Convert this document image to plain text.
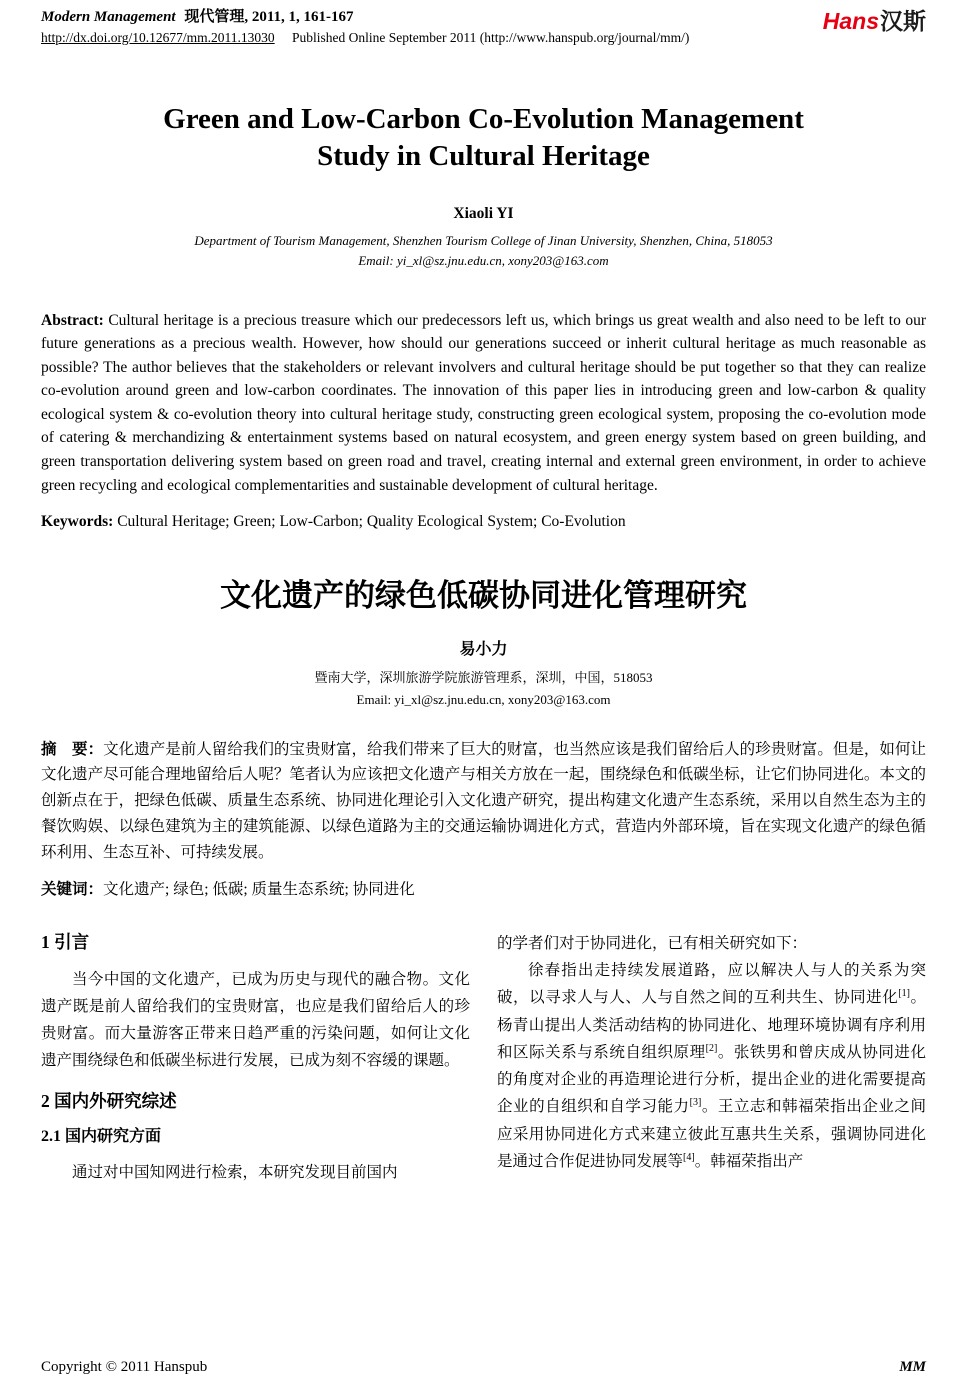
Modern Management 现代管理, 2011, 1, 161-167
http://dx.doi.org/10.12677/mm.2011.13030 Published Online September 2011 (http://www.hanspub.org/journal/mm/)
Hans汉斯
Green and Low-Carbon Co-Evolution Management
Study in Cultural Heritage
Xiaoli YI
Department of Tourism Management, Shenzhen Tourism College of Jinan University, Shenzhen, China, 518053
Email: yi_xl@sz.jnu.edu.cn, xony203@163.com

Abstract: Cultural heritage is a precious treasure which our predecessors left us, which brings us great wealth and also need to be left to our future generations as a precious wealth. However, how should our generations succeed or inherit cultural heritage as much reasonable as possible? The author believes that the stakeholders or relevant involvers and cultural heritage should be put together so that they can realize co-evolution around green and low-carbon coordinates. The innovation of this paper lies in introducing green and low-carbon & quality ecological system & co-evolution theory into cultural heritage study, constructing green ecological system, proposing the co-evolution mode of catering & merchandizing & entertainment systems based on natural ecosystem, and green energy system based on green building, and green transportation delivering system based on green road and travel, creating internal and external green environment, in order to achieve green recycling and ecological complementarities and sustainable development of cultural heritage.

Keywords: Cultural Heritage; Green; Low-Carbon; Quality Ecological System; Co-Evolution

文化遗产的绿色低碳协同进化管理研究
易小力
暨南大学，深圳旅游学院旅游管理系，深圳，中国，518053
Email: yi_xl@sz.jnu.edu.cn, xony203@163.com

摘　要：文化遗产是前人留给我们的宝贵财富，给我们带来了巨大的财富，也当然应该是我们留给后人的珍贵财富。但是，如何让文化遗产尽可能合理地留给后人呢？笔者认为应该把文化遗产与相关方放在一起，围绕绿色和低碳坐标，让它们协同进化。本文的创新点在于，把绿色低碳、质量生态系统、协同进化理论引入文化遗产研究，提出构建文化遗产生态系统，采用以自然生态为主的餐饮购娱、以绿色建筑为主的建筑能源、以绿色道路为主的交通运输协调进化方式，营造内外部环境，旨在实现文化遗产的绿色循环利用、生态互补、可持续发展。

关键词：文化遗产; 绿色; 低碳; 质量生态系统; 协同进化

1 引言

当今中国的文化遗产，已成为历史与现代的融合物。文化遗产既是前人留给我们的宝贵财富，也应是我们留给后人的珍贵财富。而大量游客正带来日趋严重的污染问题，如何让文化遗产围绕绿色和低碳坐标进行发展，已成为刻不容缓的课题。

2 国内外研究综述
2.1 国内研究方面

通过对中国知网进行检索，本研究发现目前国内

的学者们对于协同进化，已有相关研究如下：

徐春指出走持续发展道路，应以解决人与人的关系为突破，以寻求人与人、人与自然之间的互利共生、协同进化[1]。杨青山提出人类活动结构的协同进化、地理环境协调有序利用和区际关系与系统自组织原理[2]。张铁男和曾庆成从协同进化的角度对企业的再造理论进行分析，提出企业的进化需要提高企业的自组织和自学习能力[3]。王立志和韩福荣指出企业之间应采用协同进化方式来建立彼此互惠共生关系，强调协同进化是通过合作促进协同发展等[4]。韩福荣指出产

Copyright © 2011 Hanspub	MM
